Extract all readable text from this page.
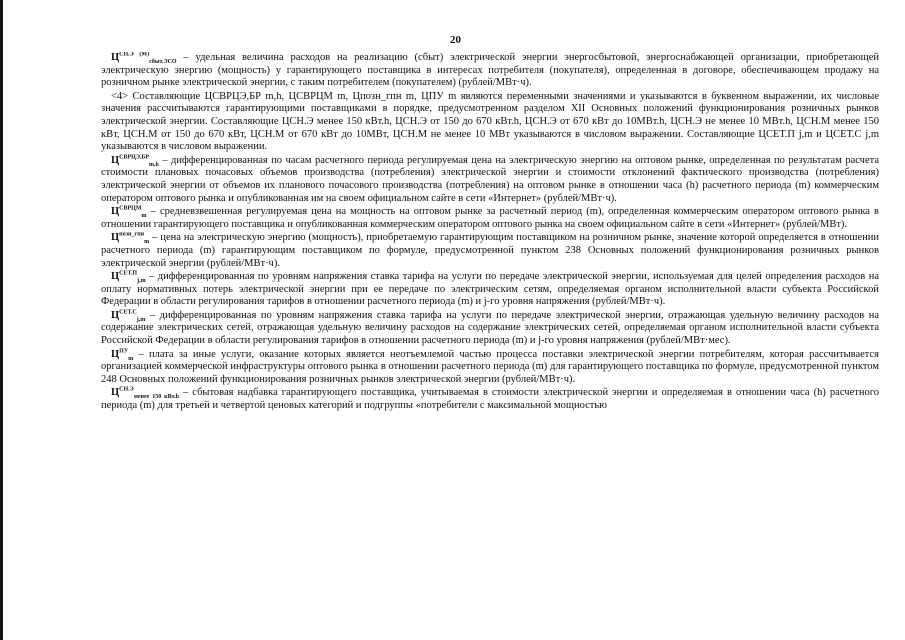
20

$Ц^{СН.Э (М)}_{сбыт.ЭСО}$ – удельная величина расходов на реализацию (сбыт) электрической энергии энергосбытовой, энергоснабжающей организации, приобретающей электрическую энергию (мощность) у гарантирующего поставщика в интересах потребителя (покупателя), определенная в договоре, обеспечивающем продажу на розничном рынке электрической энергии, с таким потребителем (покупателем) (рублей/МВт·ч).

<4> Составляющие ЦСВРЦЭ,БР m,h, ЦСВРЦМ m, Цпозн_гпн m, ЦПУ m являются переменными значениями и указываются в буквенном выражении, их числовые значения рассчитываются гарантирующими поставщиками в порядке, предусмотренном разделом XII Основных положений функционирования розничных рынков электрической энергии. Составляющие ЦСН.Э менее 150 кВт.h, ЦСН.Э от 150 до 670 кВт.h, ЦСН.Э от 670 кВт до 10МВт.h, ЦСН.Э не менее 10 МВт.h, ЦСН.М менее 150 кВт, ЦСН.М от 150 до 670 кВт, ЦСН.М от 670 кВт до 10МВт, ЦСН.М не менее 10 МВт указываются в числовом выражении. Составляющие ЦСЕТ.П j,m и ЦСЕТ.С j,m указываются в числовом выражении.

$Ц^{СВРЦЭ,БР}_{m,h}$ – дифференцированная по часам расчетного периода регулируемая цена на электрическую энергию на оптовом рынке, определенная по результатам расчета стоимости плановых почасовых объемов производства (потребления) электрической энергии и стоимости отклонений фактического производства (потребления) электрической энергии от объемов их планового почасового производства (потребления) на оптовом рынке в отношении часа (h) расчетного периода (m) коммерческим оператором оптового рынка и опубликованная им на своем официальном сайте в сети «Интернет» (рублей/МВт·ч).

$Ц^{СВРЦМ}_m$ – средневзвешенная регулируемая цена на мощность на оптовом рынке за расчетный период (m), определенная коммерческим оператором оптового рынка в отношении гарантирующего поставщика и опубликованная коммерческим оператором оптового рынка на своем официальном сайте в сети «Интернет» (рублей/МВт).

$Ц^{позн\_гпн}_m$ – цена на электрическую энергию (мощность), приобретаемую гарантирующим поставщиком на розничном рынке, значение которой определяется в отношении расчетного периода (m) гарантирующим поставщиком по формуле, предусмотренной пунктом 238 Основных положений функционирования розничных рынков электрической энергии (рублей/МВт·ч).

$Ц^{СЕТ.П}_{j,m}$ – дифференцированная по уровням напряжения ставка тарифа на услуги по передаче электрической энергии, используемая для целей определения расходов на оплату нормативных потерь электрической энергии при ее передаче по электрическим сетям, определяемая органом исполнительной власти субъекта Российской Федерации в области регулирования тарифов в отношении расчетного периода (m) и j-го уровня напряжения (рублей/МВт·ч).

$Ц^{СЕТ.С}_{j,m}$ – дифференцированная по уровням напряжения ставка тарифа на услуги по передаче электрической энергии, отражающая удельную величину расходов на содержание электрических сетей, отражающая удельную величину расходов на содержание электрических сетей, определяемая органом исполнительной власти субъекта Российской Федерации в области регулирования тарифов в отношении расчетного периода (m) и j-го уровня напряжения (рублей/МВт·мес).

$Ц^{ПУ}_m$ – плата за иные услуги, оказание которых является неотъемлемой частью процесса поставки электрической энергии потребителям, которая рассчитывается организацией коммерческой инфраструктуры оптового рынка в отношении расчетного периода (m) для гарантирующего поставщика по формуле, предусмотренной пунктом 248 Основных положений функционирования розничных рынков электрической энергии (рублей/МВт·ч).

$Ц^{СН.Э}_{менее 150 кВт.h}$ – сбытовая надбавка гарантирующего поставщика, учитываемая в стоимости электрической энергии и определяемая в отношении часа (h) расчетного периода (m) для третьей и четвертой ценовых категорий и подгруппы «потребители с максимальной мощностью
